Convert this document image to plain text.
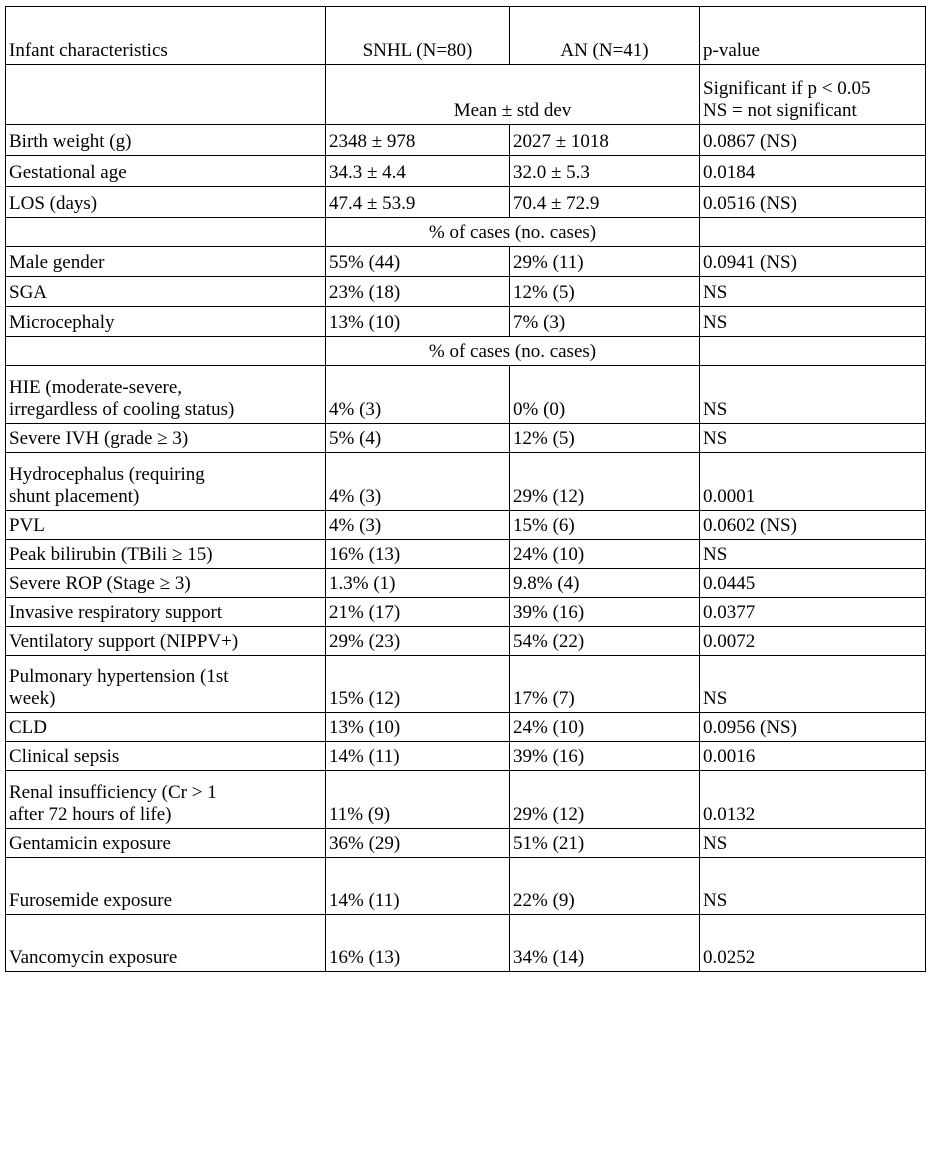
Infant characteristics	SNHL (N=80)	AN (N=41)	p-value
	Mean ± std dev		Significant if p < 0.05
NS = not significant

Birth weight (g)	2348 ± 978	2027 ± 1018	0.0867 (NS)
Gestational age	34.3 ± 4.4	32.0 ± 5.3	0.0184
LOS (days)	47.4 ± 53.9	70.4 ± 72.9	0.0516 (NS)
	% of cases (no. cases)		
Male gender	55% (44)	29% (11)	0.0941 (NS)
SGA	23% (18)	12% (5)	NS
Microcephaly	13% (10)	7% (3)	NS
	% of cases (no. cases)		
HIE (moderate-severe,
irregardless of cooling status)	4% (3)	0% (0)	NS
Severe IVH (grade ≥ 3)	5% (4)	12% (5)	NS
Hydrocephalus (requiring
shunt placement)	4% (3)	29% (12)	0.0001
PVL	4% (3)	15% (6)	0.0602 (NS)
Peak bilirubin (TBili ≥ 15)	16% (13)	24% (10)	NS
Severe ROP (Stage ≥ 3)	1.3% (1)	9.8% (4)	0.0445
Invasive respiratory support	21% (17)	39% (16)	0.0377
Ventilatory support (NIPPV+)	29% (23)	54% (22)	0.0072
Pulmonary hypertension (1st
week)	15% (12)	17% (7)	NS
CLD	13% (10)	24% (10)	0.0956 (NS)
Clinical sepsis	14% (11)	39% (16)	0.0016
Renal insufficiency (Cr > 1
after 72 hours of life)	11% (9)	29% (12)	0.0132
Gentamicin exposure	36% (29)	51% (21)	NS
Furosemide exposure	14% (11)	22% (9)	NS
Vancomycin exposure	16% (13)	34% (14)	0.0252
